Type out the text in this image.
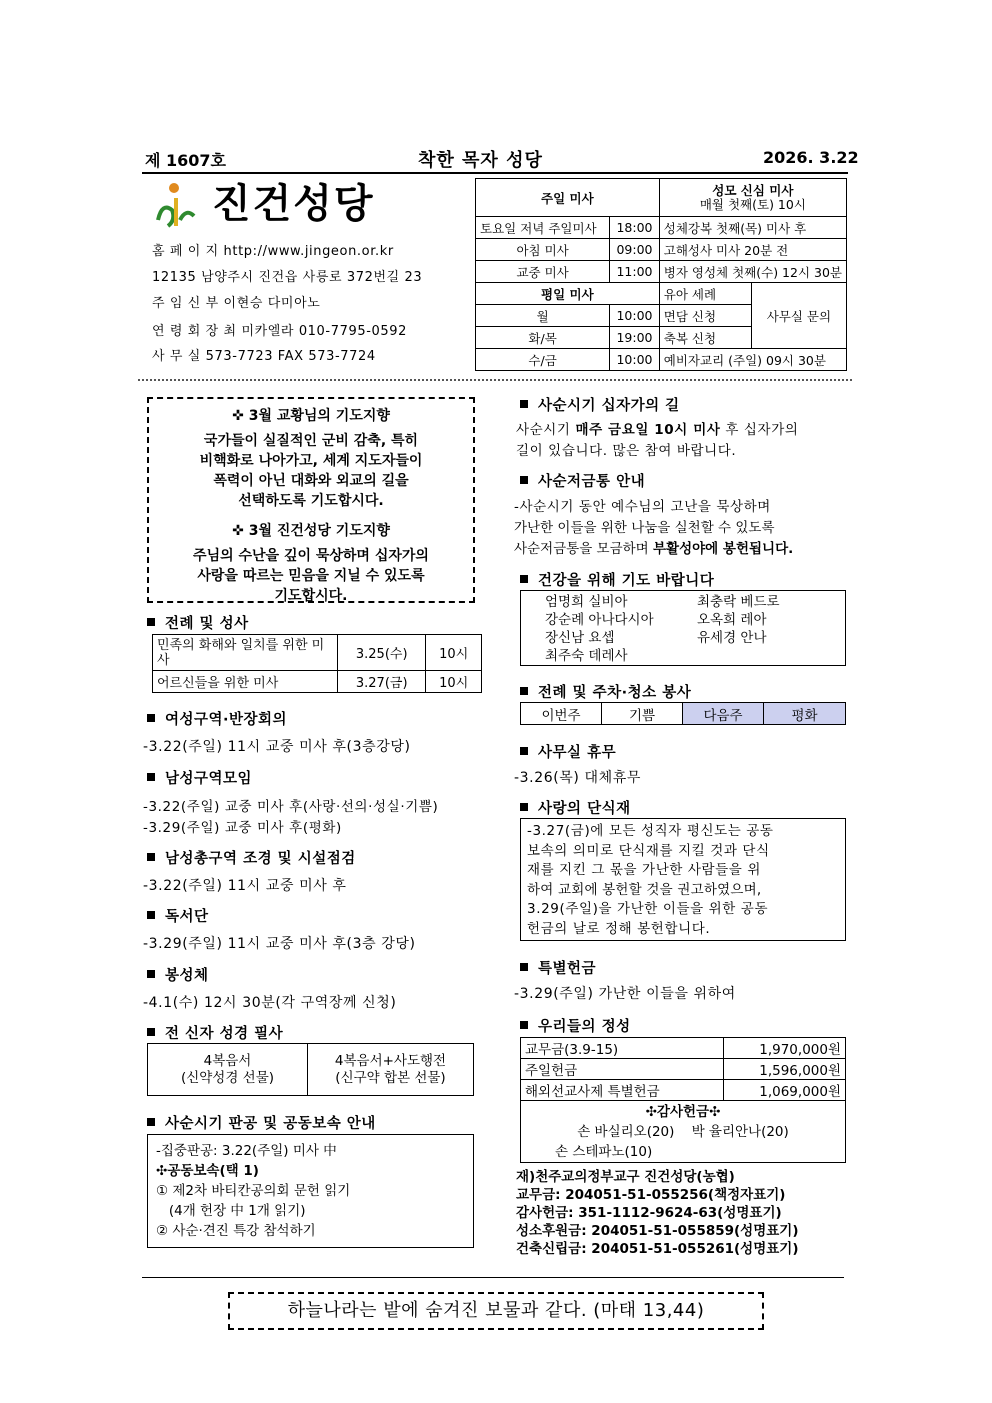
제 1607호	착한 목자 성당	2026. 3.22
진건성당
홈 페 이 지 http://www.jingeon.or.kr
12135 남양주시 진건읍 사릉로 372번길 23
주 임 신 부 이현승 다미아노
연 령 회 장 최 미카엘라 010-7795-0592
사 무 실 573-7723 FAX 573-7724
주일 미사		성모 신심 미사
매월 첫째(토) 10시	

토요일 저녁 주일미사	18:00	성체강복 첫째(목) 미사 후	
아침 미사	09:00	고해성사 미사 20분 전	
교중 미사	11:00	병자 영성체 첫째(수) 12시 30분	
평일 미사		유아 세례	사무실 문의
월	10:00	면담 신청	
화/목	19:00	축복 신청	
수/금	10:00	예비자교리 (주일) 09시 30분	
✜ 3월 교황님의 기도지향
국가들이 실질적인 군비 감축, 특히
비핵화로 나아가고, 세계 지도자들이
폭력이 아닌 대화와 외교의 길을
선택하도록 기도합시다.
✜ 3월 진건성당 기도지향
주님의 수난을 깊이 묵상하며 십자가의
사랑을 따르는 믿음을 지닐 수 있도록
기도합시다.
전례 및 성사
민족의 화해와 일치를 위한 미사	3.25(수)	10시
어르신들을 위한 미사	3.27(금)	10시
여성구역·반장회의
-3.22(주일) 11시 교중 미사 후(3층강당)
남성구역모임
-3.22(주일) 교중 미사 후(사랑·선의·성실·기쁨)
-3.29(주일) 교중 미사 후(평화)
남성총구역 조경 및 시설점검
-3.22(주일) 11시 교중 미사 후
독서단
-3.29(주일) 11시 교중 미사 후(3층 강당)
봉성체
-4.1(수) 12시 30분(각 구역장께 신청)
전 신자 성경 필사
4복음서
(신약성경 선물)

4복음서+사도행전
(신구약 합본 선물)
사순시기 판공 및 공동보속 안내
-집중판공: 3.22(주일) 미사 中
✣공동보속(택 1)
① 제2차 바티칸공의회 문헌 읽기
(4개 헌장 中 1개 읽기)
② 사순·견진 특강 참석하기
사순시기 십자가의 길
사순시기 매주 금요일 10시 미사 후 십자가의
길이 있습니다. 많은 참여 바랍니다.
사순저금통 안내
-사순시기 동안 예수님의 고난을 묵상하며
가난한 이들을 위한 나눔을 실천할 수 있도록
사순저금통을 모금하며 부활성야에 봉헌됩니다.
건강을 위해 기도 바랍니다
엄명희 실비아	최충락 베드로
강순례 아나다시아	오옥희 레아
장신남 요셉	유세경 안나
최주숙 데레사
전례 및 주차·청소 봉사
이번주	기쁨	다음주	평화
사무실 휴무
-3.26(목) 대체휴무
사랑의 단식재
-3.27(금)에 모든 성직자 평신도는 공동
보속의 의미로 단식재를 지킬 것과 단식
재를 지킨 그 몫을 가난한 사람들을 위
하여 교회에 봉헌할 것을 권고하였으며,
3.29(주일)을 가난한 이들을 위한 공동
헌금의 날로 정해 봉헌합니다.
특별헌금
-3.29(주일) 가난한 이들을 위하여
우리들의 정성
교무금(3.9-15)	1,970,000원
주일헌금	1,596,000원
해외선교사제 특별헌금	1,069,000원

✣감사헌금✣
손 바실리오(20)    박 율리안나(20)
손 스테파노(10)	
재)천주교의정부교구 진건성당(농협)
교무금: 204051-51-055256(책정자표기)
감사헌금: 351-1112-9624-63(성명표기)
성소후원금: 204051-51-055859(성명표기)
건축신립금: 204051-51-055261(성명표기)
하늘나라는 밭에 숨겨진 보물과 같다. (마태 13,44)
